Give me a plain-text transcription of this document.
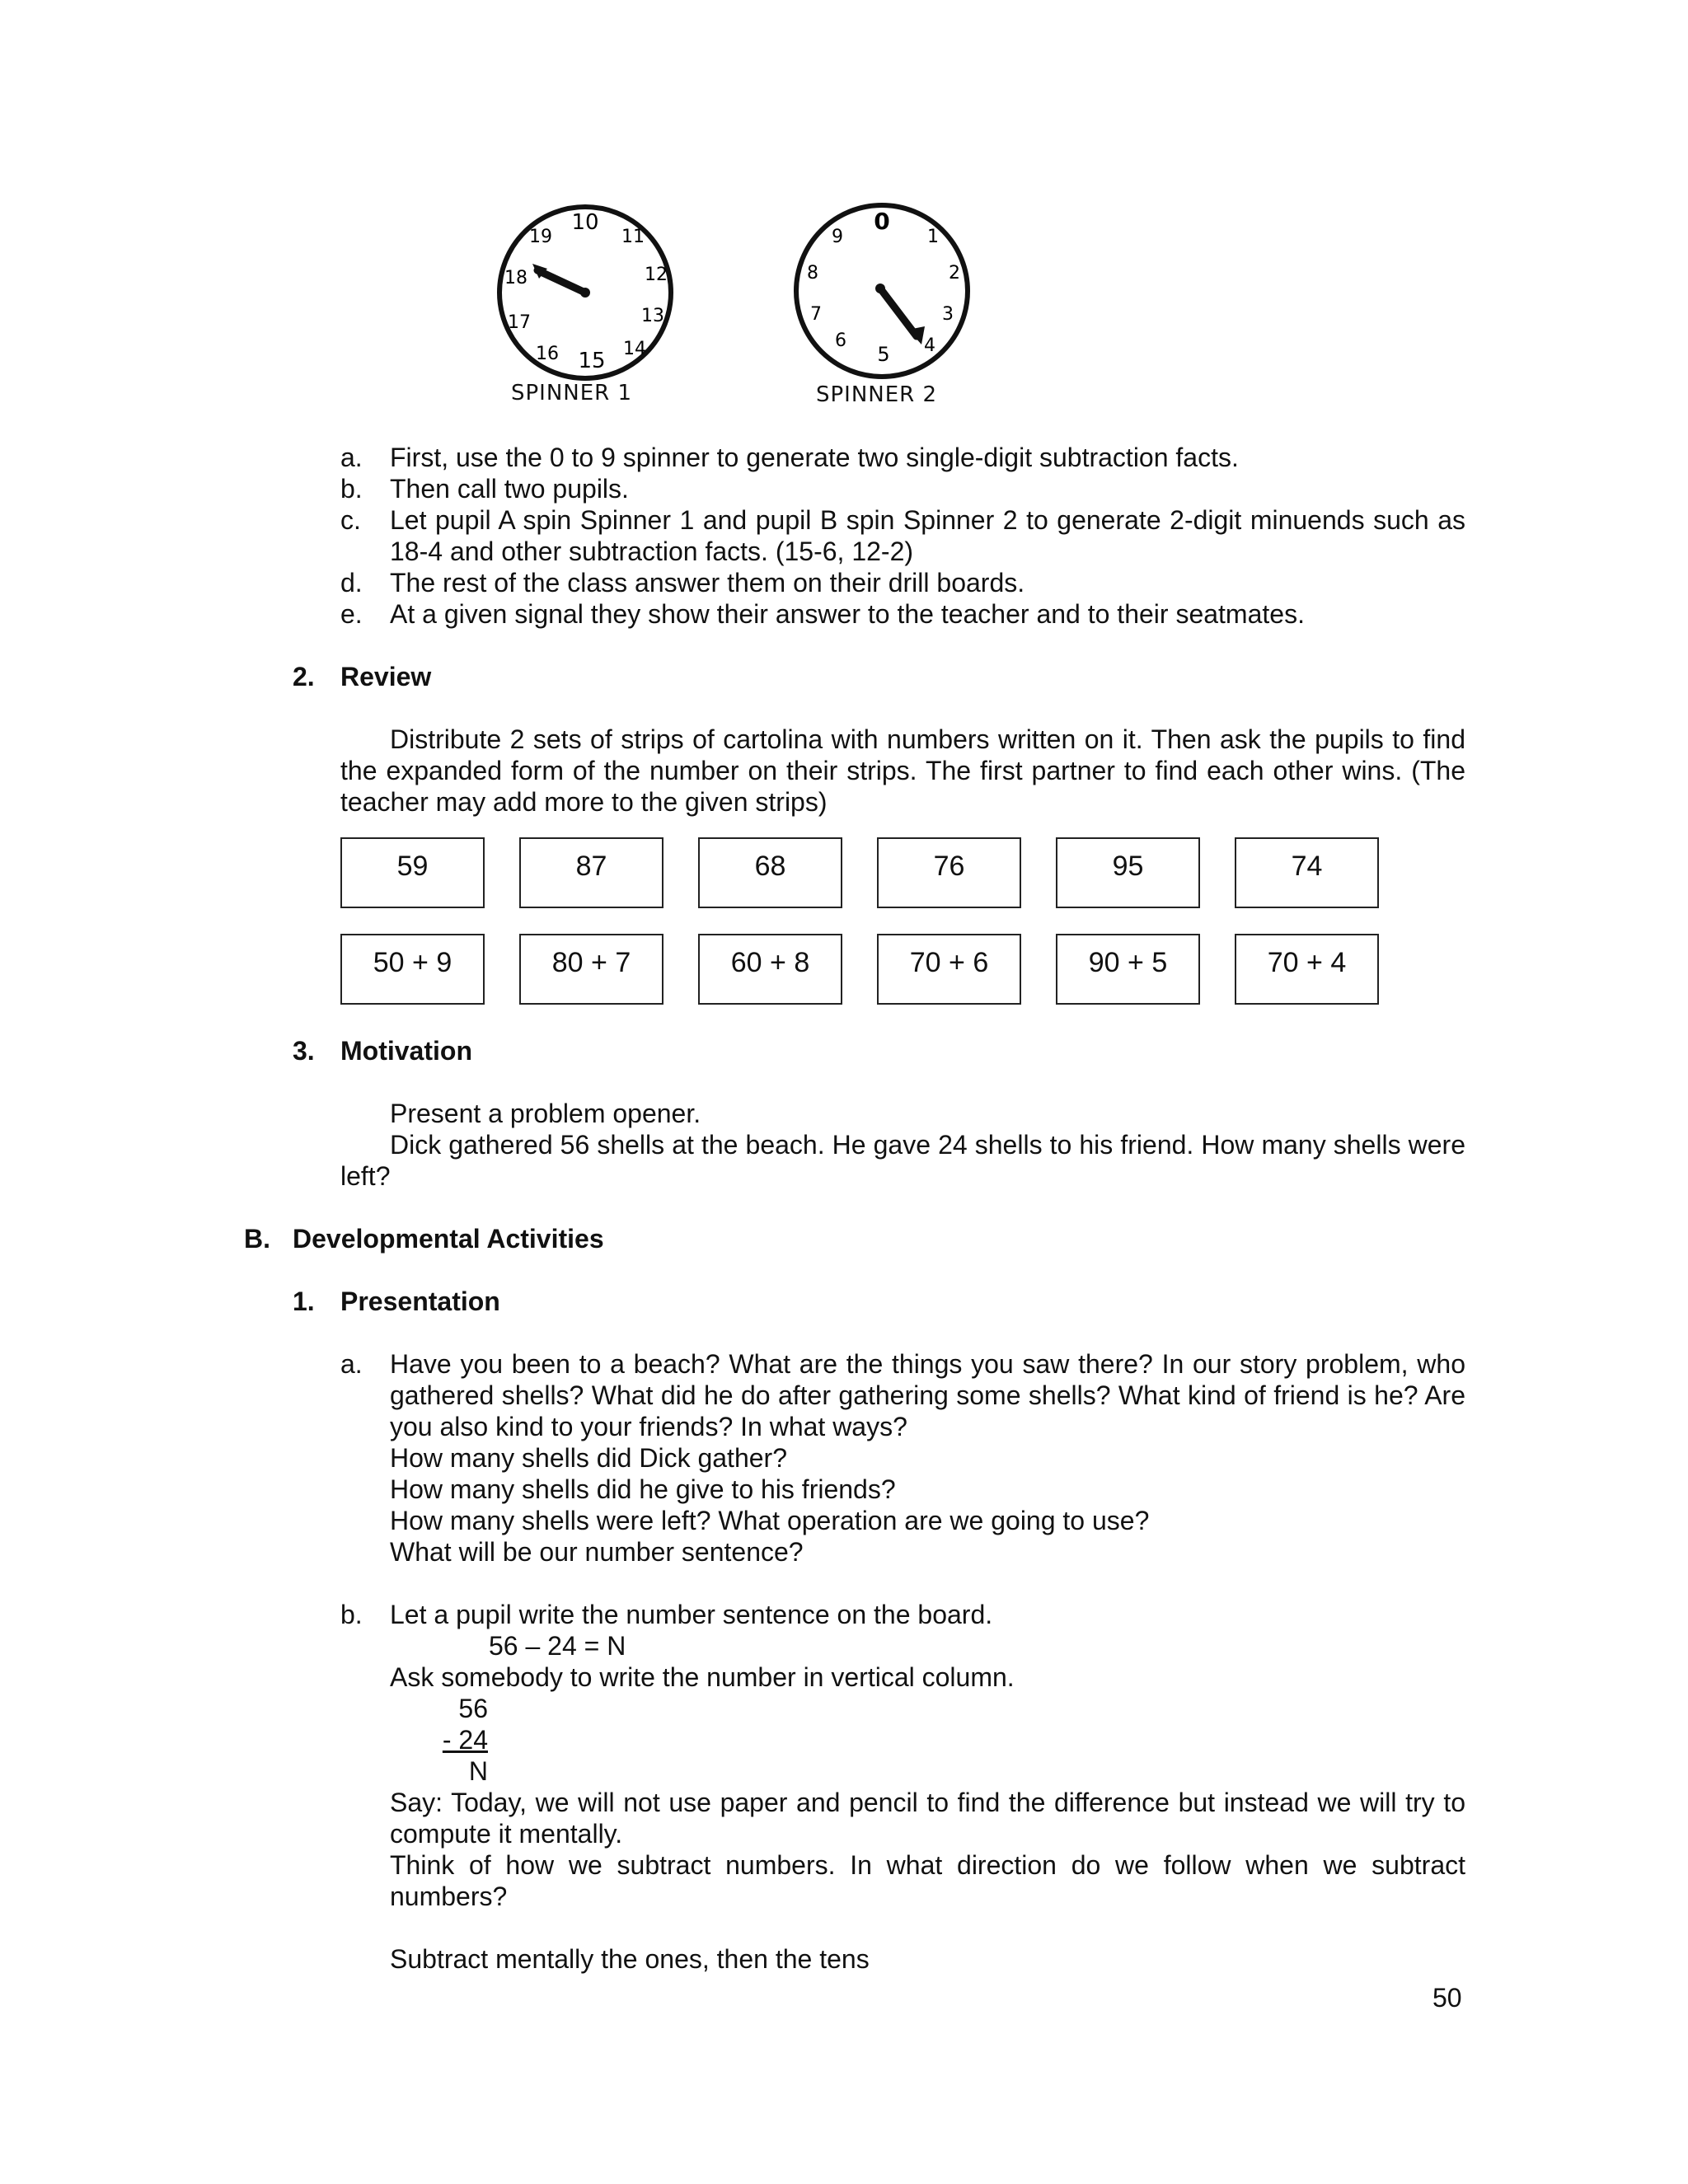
10
11
12
13
14
15
16
17
18
19
SPINNER 1
0
1
2
3
4
5
6
7
8
9
SPINNER 2
a.	First, use the 0 to 9 spinner to generate two single-digit subtraction facts.
b.	Then call two pupils.
c.	Let pupil A spin Spinner 1 and pupil B spin Spinner 2 to generate 2-digit minuends such as 18-4 and other subtraction facts. (15-6, 12-2)
d.	The rest of the class answer them on their drill boards.
e.	At a given signal they show their answer to the teacher and to their seatmates.
2. Review
Distribute 2 sets of strips of cartolina with numbers written on it. Then ask the pupils to find the expanded form of the number on their strips. The first partner to find each other wins. (The teacher may add more to the given strips)
59	87	68	76	95	74
50 + 9	80 + 7	60 + 8	70 + 6	90 + 5	70 + 4
3. Motivation
Present a problem opener.
Dick gathered 56 shells at the beach. He gave 24 shells to his friend. How many shells were left?
B. Developmental Activities
1. Presentation
a.	Have you been to a beach? What are the things you saw there? In our story problem, who gathered shells? What did he do after gathering some shells? What kind of friend is he? Are you also kind to your friends? In what ways?
How many shells did Dick gather?
How many shells did he give to his friends?
How many shells were left? What operation are we going to use?
What will be our number sentence?
b.	Let a pupil write the number sentence on the board.
56 – 24 = N
Ask somebody to write the number in vertical column.
56
- 24
N
Say: Today, we will not use paper and pencil to find the difference but instead we will try to compute it mentally.
Think of how we subtract numbers. In what direction do we follow when we subtract numbers?
Subtract mentally the ones, then the tens
50
